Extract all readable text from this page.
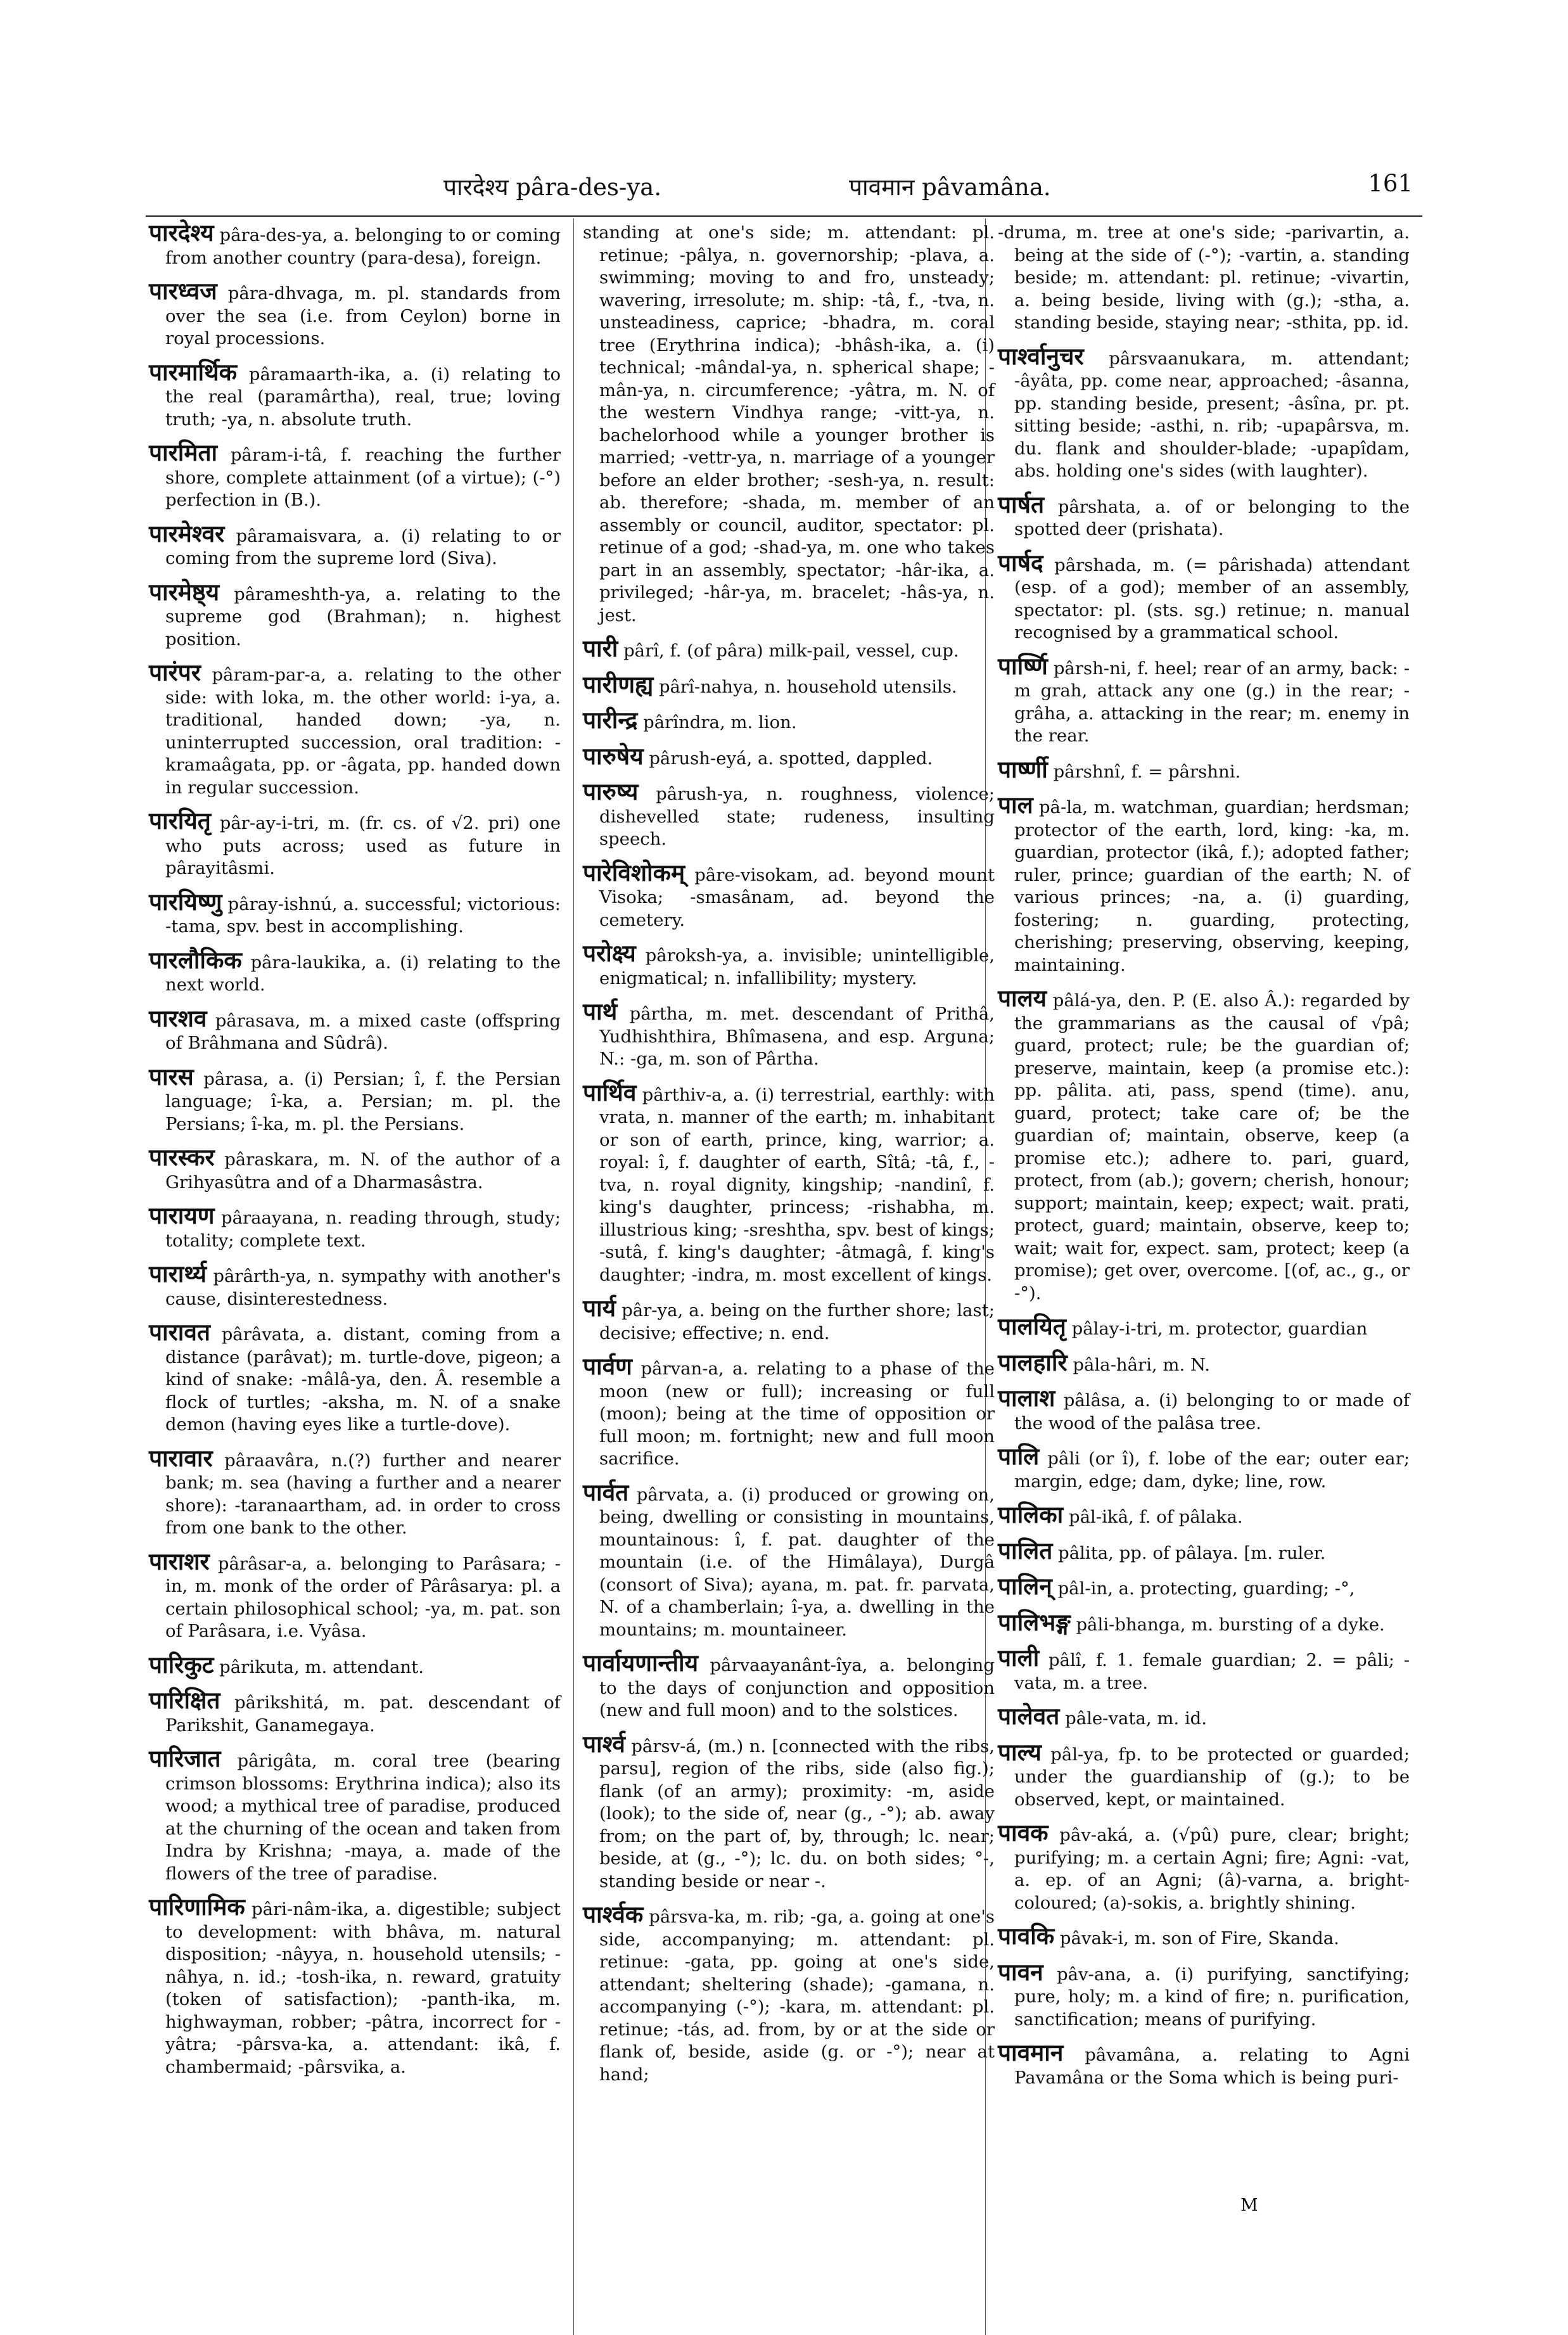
पारदेश्य pâra-des-ya.	पावमान pâvamâna.	161
पारदेश्य pâra-des-ya, a. belonging to or coming from another country (para-desa), foreign.
पारध्वज pâra-dhvaga, m. pl. standards from over the sea (i.e. from Ceylon) borne in royal processions.
पारमार्थिक pâramaarth-ika, a. (i) relating to the real (paramârtha), real, true; loving truth; -ya, n. absolute truth.
पारमिता pâram-i-tâ, f. reaching the further shore, complete attainment (of a virtue); (-°) perfection in (B.).
पारमेश्वर pâramaisvara, a. (i) relating to or coming from the supreme lord (Siva).
पारमेष्ठ्य pârameshth-ya, a. relating to the supreme god (Brahman); n. highest position.
पारंपर pâram-par-a, a. relating to the other side: with loka, m. the other world: i-ya, a. traditional, handed down; -ya, n. uninterrupted succession, oral tradition: -kramaâgata, pp. or -âgata, pp. handed down in regular succession.
पारयितृ pâr-ay-i-tri, m. (fr. cs. of √2. pri) one who puts across; used as future in pârayitâsmi.
पारयिष्णु pâray-ishnú, a. successful; victorious: -tama, spv. best in accomplishing.
पारलौकिक pâra-laukika, a. (i) relating to the next world.
पारशव pârasava, m. a mixed caste (offspring of Brâhmana and Sûdrâ).
पारस pârasa, a. (i) Persian; î, f. the Persian language; î-ka, a. Persian; m. pl. the Persians; î-ka, m. pl. the Persians.
पारस्कर pâraskara, m. N. of the author of a Grihyasûtra and of a Dharmasâstra.
पारायण pâraayana, n. reading through, study; totality; complete text.
पारार्थ्य pârârth-ya, n. sympathy with another's cause, disinterestedness.
पारावत pârâvata, a. distant, coming from a distance (parâvat); m. turtle-dove, pigeon; a kind of snake: -mâlâ-ya, den. Â. resemble a flock of turtles; -aksha, m. N. of a snake demon (having eyes like a turtle-dove).
पारावार pâraavâra, n.(?) further and nearer bank; m. sea (having a further and a nearer shore): -taranaartham, ad. in order to cross from one bank to the other.
पाराशर pârâsar-a, a. belonging to Parâsara; -in, m. monk of the order of Pârâsarya: pl. a certain philosophical school; -ya, m. pat. son of Parâsara, i.e. Vyâsa.
पारिकुट pârikuta, m. attendant.
पारिक्षित pârikshitá, m. pat. descendant of Parikshit, Ganamegaya.
पारिजात pârigâta, m. coral tree (bearing crimson blossoms: Erythrina indica); also its wood; a mythical tree of paradise, produced at the churning of the ocean and taken from Indra by Krishna; -maya, a. made of the flowers of the tree of paradise.
पारिणामिक pâri-nâm-ika, a. digestible; subject to development: with bhâva, m. natural disposition; -nâyya, n. household utensils; -nâhya, n. id.; -tosh-ika, n. reward, gratuity (token of satisfaction); -panth-ika, m. highwayman, robber; -pâtra, incorrect for -yâtra; -pârsva-ka, a. attendant: ikâ, f. chambermaid; -pârsvika, a.
standing at one's side; m. attendant: pl. retinue; -pâlya, n. governorship; -plava, a. swimming; moving to and fro, unsteady; wavering, irresolute; m. ship: -tâ, f., -tva, n. unsteadiness, caprice; -bhadra, m. coral tree (Erythrina indica); -bhâsh-ika, a. (i) technical; -mândal-ya, n. spherical shape; -mân-ya, n. circumference; -yâtra, m. N. of the western Vindhya range; -vitt-ya, n. bachelorhood while a younger brother is married; -vettr-ya, n. marriage of a younger before an elder brother; -sesh-ya, n. result: ab. therefore; -shada, m. member of an assembly or council, auditor, spectator: pl. retinue of a god; -shad-ya, m. one who takes part in an assembly, spectator; -hâr-ika, a. privileged; -hâr-ya, m. bracelet; -hâs-ya, n. jest.
पारी pârî, f. (of pâra) milk-pail, vessel, cup.
पारीणह्य pârî-nahya, n. household utensils.
पारीन्द्र pârîndra, m. lion.
पारुषेय pârush-eyá, a. spotted, dappled.
पारुष्य pârush-ya, n. roughness, violence; dishevelled state; rudeness, insulting speech.
पारेविशोकम् pâre-visokam, ad. beyond mount Visoka; -smasânam, ad. beyond the cemetery.
परोक्ष्य pâroksh-ya, a. invisible; unintelligible, enigmatical; n. infallibility; mystery.
पार्थ pârtha, m. met. descendant of Prithâ, Yudhishthira, Bhîmasena, and esp. Arguna; N.: -ga, m. son of Pârtha.
पार्थिव pârthiv-a, a. (i) terrestrial, earthly: with vrata, n. manner of the earth; m. inhabitant or son of earth, prince, king, warrior; a. royal: î, f. daughter of earth, Sîtâ; -tâ, f., -tva, n. royal dignity, kingship; -nandinî, f. king's daughter, princess; -rishabha, m. illustrious king; -sreshtha, spv. best of kings; -sutâ, f. king's daughter; -âtmagâ, f. king's daughter; -indra, m. most excellent of kings.
पार्य pâr-ya, a. being on the further shore; last; decisive; effective; n. end.
पार्वण pârvan-a, a. relating to a phase of the moon (new or full); increasing or full (moon); being at the time of opposition or full moon; m. fortnight; new and full moon sacrifice.
पार्वत pârvata, a. (i) produced or growing on, being, dwelling or consisting in mountains, mountainous: î, f. pat. daughter of the mountain (i.e. of the Himâlaya), Durgâ (consort of Siva); ayana, m. pat. fr. parvata, N. of a chamberlain; î-ya, a. dwelling in the mountains; m. mountaineer.
पार्वायणान्तीय pârvaayanânt-îya, a. belonging to the days of conjunction and opposition (new and full moon) and to the solstices.
पार्श्व pârsv-á, (m.) n. [connected with the ribs, parsu], region of the ribs, side (also fig.); flank (of an army); proximity: -m, aside (look); to the side of, near (g., -°); ab. away from; on the part of, by, through; lc. near; beside, at (g., -°); lc. du. on both sides; °-, standing beside or near -.
पार्श्वक pârsva-ka, m. rib; -ga, a. going at one's side, accompanying; m. attendant: pl. retinue: -gata, pp. going at one's side, attendant; sheltering (shade); -gamana, n. accompanying (-°); -kara, m. attendant: pl. retinue; -tás, ad. from, by or at the side or flank of, beside, aside (g. or -°); near at hand;
-druma, m. tree at one's side; -parivartin, a. being at the side of (-°); -vartin, a. standing beside; m. attendant: pl. retinue; -vivartin, a. being beside, living with (g.); -stha, a. standing beside, staying near; -sthita, pp. id.
पार्श्वानुचर pârsvaanukara, m. attendant; -âyâta, pp. come near, approached; -âsanna, pp. standing beside, present; -âsîna, pr. pt. sitting beside; -asthi, n. rib; -upapârsva, m. du. flank and shoulder-blade; -upapîdam, abs. holding one's sides (with laughter).
पार्षत pârshata, a. of or belonging to the spotted deer (prishata).
पार्षद pârshada, m. (= pârishada) attendant (esp. of a god); member of an assembly, spectator: pl. (sts. sg.) retinue; n. manual recognised by a grammatical school.
पार्ष्णि pârsh-ni, f. heel; rear of an army, back: -m grah, attack any one (g.) in the rear; -grâha, a. attacking in the rear; m. enemy in the rear.
पार्ष्णी pârshnî, f. = pârshni.
पाल pâ-la, m. watchman, guardian; herdsman; protector of the earth, lord, king: -ka, m. guardian, protector (ikâ, f.); adopted father; ruler, prince; guardian of the earth; N. of various princes; -na, a. (i) guarding, fostering; n. guarding, protecting, cherishing; preserving, observing, keeping, maintaining.
पालय pâlá-ya, den. P. (E. also Â.): regarded by the grammarians as the causal of √pâ; guard, protect; rule; be the guardian of; preserve, maintain, keep (a promise etc.): pp. pâlita. ati, pass, spend (time). anu, guard, protect; take care of; be the guardian of; maintain, observe, keep (a promise etc.); adhere to. pari, guard, protect, from (ab.); govern; cherish, honour; support; maintain, keep; expect; wait. prati, protect, guard; maintain, observe, keep to; wait; wait for, expect. sam, protect; keep (a promise); get over, overcome. [(of, ac., g., or -°).
पालयितृ pâlay-i-tri, m. protector, guardian
पालहारि pâla-hâri, m. N.
पालाश pâlâsa, a. (i) belonging to or made of the wood of the palâsa tree.
पालि pâli (or î), f. lobe of the ear; outer ear; margin, edge; dam, dyke; line, row.
पालिका pâl-ikâ, f. of pâlaka.
पालित pâlita, pp. of pâlaya. [m. ruler.
पालिन् pâl-in, a. protecting, guarding; -°,
पालिभङ्ग pâli-bhanga, m. bursting of a dyke.
पाली pâlî, f. 1. female guardian; 2. = pâli; -vata, m. a tree.
पालेवत pâle-vata, m. id.
पाल्य pâl-ya, fp. to be protected or guarded; under the guardianship of (g.); to be observed, kept, or maintained.
पावक pâv-aká, a. (√pû) pure, clear; bright; purifying; m. a certain Agni; fire; Agni: -vat, a. ep. of an Agni; (â)-varna, a. bright-coloured; (a)-sokis, a. brightly shining.
पावकि pâvak-i, m. son of Fire, Skanda.
पावन pâv-ana, a. (i) purifying, sanctifying; pure, holy; m. a kind of fire; n. purification, sanctification; means of purifying.
पावमान pâvamâna, a. relating to Agni Pavamâna or the Soma which is being puri-
M
